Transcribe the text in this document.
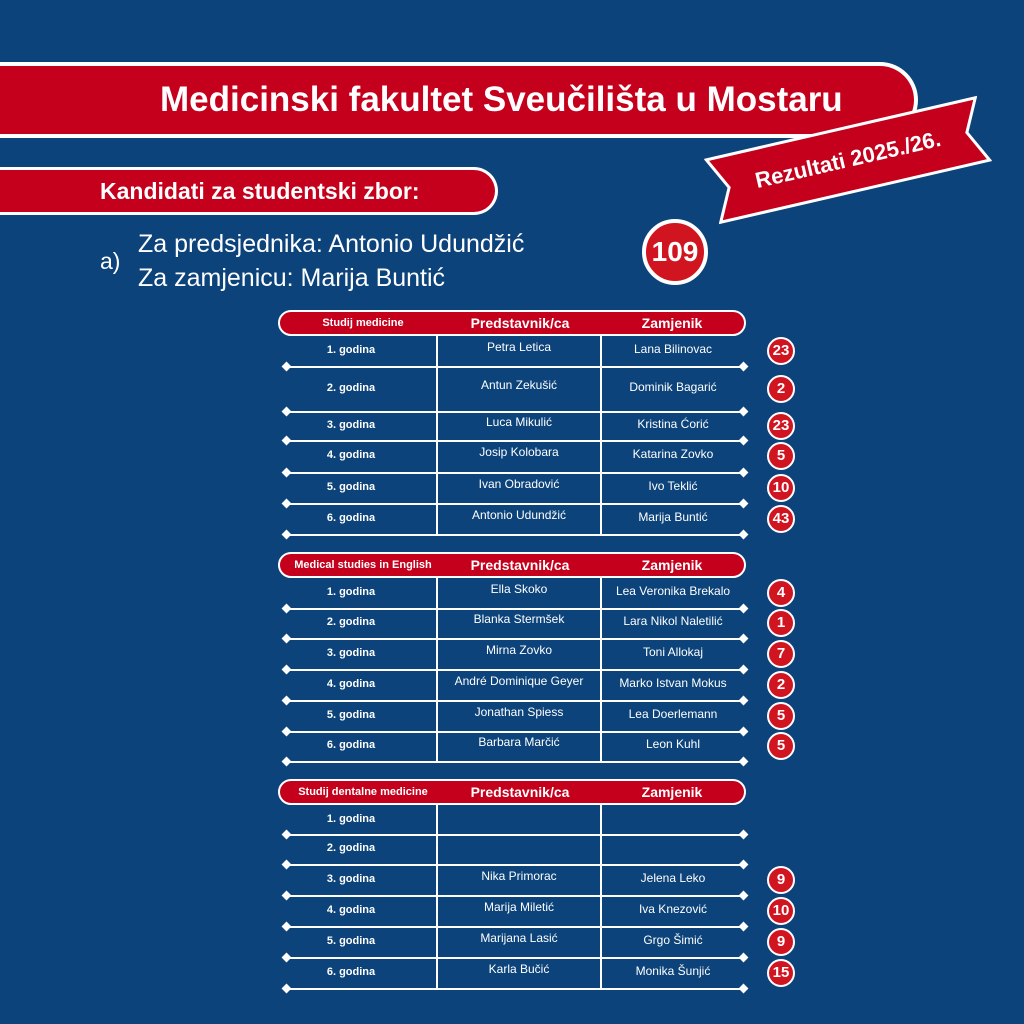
Medicinski fakultet Sveučilišta u Mostaru
Rezultati 2025./26.
Kandidati za studentski zbor:
a)
Za predsjednika: Antonio Udundžić
Za zamjenicu: Marija Buntić
109
Studij medicine	Predstavnik/ca	Zamjenik
1. godina	Petra Letica	Lana Bilinovac	23
2. godina	Antun Zekušić	Dominik Bagarić	2
3. godina	Luca Mikulić	Kristina Ćorić	23
4. godina	Josip Kolobara	Katarina Zovko	5
5. godina	Ivan Obradović	Ivo Teklić	10
6. godina	Antonio Udundžić	Marija Buntić	43
Medical studies in English	Predstavnik/ca	Zamjenik
1. godina	Ella Skoko	Lea Veronika Brekalo	4
2. godina	Blanka Stermšek	Lara Nikol Naletilić	1
3. godina	Mirna Zovko	Toni Allokaj	7
4. godina	André Dominique Geyer	Marko Istvan Mokus	2
5. godina	Jonathan Spiess	Lea Doerlemann	5
6. godina	Barbara Marčić	Leon Kuhl	5
Studij dentalne medicine	Predstavnik/ca	Zamjenik
1. godina
2. godina
3. godina	Nika Primorac	Jelena Leko	9
4. godina	Marija Miletić	Iva Knezović	10
5. godina	Marijana Lasić	Grgo Šimić	9
6. godina	Karla Bučić	Monika Šunjić	15
